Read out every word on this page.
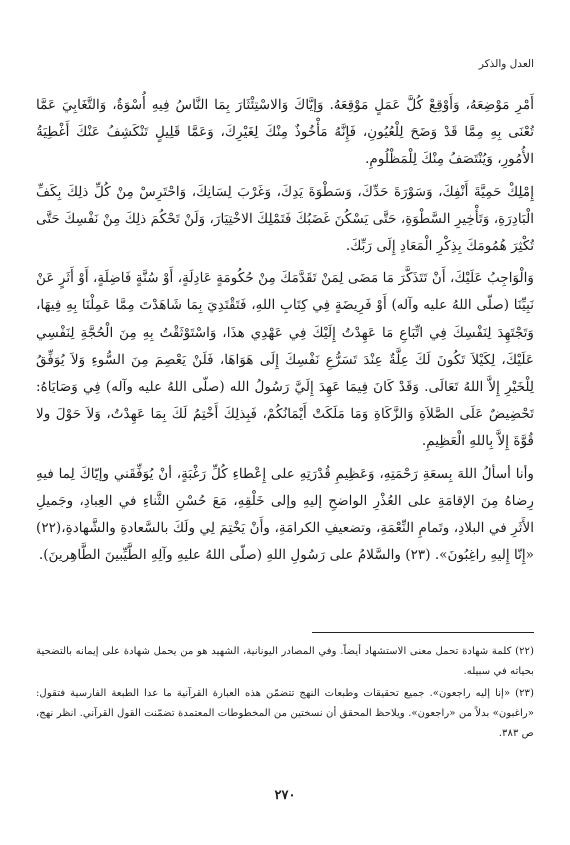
العدل والذكر

أَمْرِ مَوْضِعَهُ، وَأَوْقِعْ كُلَّ عَمَلٍ مَوْقِعَهُ. وَإيَّاكَ وَالاسْتِئْثَارَ بِمَا النَّاسُ فِيهِ أُسْوَةٌ، وَالتَّغَابِيَ عَمَّا تُعْنَى بِهِ مِمَّا قَدْ وَضَحَ لِلْعُيُونِ، فَإِنَّهُ مَأْخُوذٌ مِنْكَ لِغَيْرِكَ، وَعَمَّا قَلِيلٍ تَنْكَشِفُ عَنْكَ أَغْطِيَةُ الأُمُورِ، وَيُنْتَصَفُ مِنْكَ لِلْمَظْلُومِ.

إِمْلِكْ حَمِيَّةَ أَنْفِكَ، وَسَوْرَةَ حَدِّكَ، وَسَطْوَةَ يَدِكَ، وَغَرْبَ لِسَانِكَ، وَاحْتَرِسْ مِنْ كُلِّ ذلِكَ بِكَفِّ الْبَادِرَةِ، وَتَأْخِيرِ السَّطْوَةِ، حَتَّى يَسْكُنَ غَضَبُكَ فَتَمْلِكَ الاخْتِيَارَ، وَلَنْ تَحْكُمَ ذلِكَ مِنْ نَفْسِكَ حَتَّى تُكْثِرَ هُمُومَكَ بِذِكْرِ الْمَعَادِ إِلَى رَبِّكَ.

وَالْوَاجِبُ عَلَيْكَ، أَنْ تَتَذَكَّرَ مَا مَضَى لِمَنْ تَقَدَّمَكَ مِنْ حُكُومَةٍ عَادِلَةٍ، أَوْ سُنَّةٍ فَاضِلَةٍ، أَوْ أَثَرٍ عَنْ نَبِيِّنَا (صلّى اللهُ عليه وآله) أَوْ فَرِيضَةٍ فِي كِتَابِ اللهِ، فَتَقْتَدِيَ بِمَا شَاهَدْتَ مِمَّا عَمِلْنَا بِهِ فِيهَا، وَتَجْتَهِدَ لِنَفْسِكَ فِي اتِّبَاعِ مَا عَهِدْتُ إِلَيْكَ فِي عَهْدِي هذَا، وَاسْتَوْثَقْتُ بِهِ مِنَ الْحُجَّةِ لِنَفْسِي عَلَيْكَ، لِكَيْلاَ تَكُونَ لَكَ عِلَّةٌ عِنْدَ تَسَرُّعِ نَفْسِكَ إِلَى هَوَاهَا، فَلَنْ يَعْصِمَ مِنَ السُّوءِ وَلاَ يُوَفِّقُ لِلْخَيْرِ إِلاَّ اللهُ تَعَالَى. وَقَدْ كَانَ فِيمَا عَهِدَ إِلَيَّ رَسُولُ الله (صلّى اللهُ عليه وآله) فِي وَصَايَاهُ: تَحْضِيضٌ عَلَى الصَّلاَةِ وَالزَّكَاةِ وَمَا مَلَكَتْ أَيْمَانُكُمْ، فَبِذلِكَ أَخْتِمُ لَكَ بِمَا عَهِدْتُ، وَلاَ حَوْلَ ولا قُوَّةَ إِلاَّ بِاللهِ الْعَظِيمِ.

وأنا أسألُ اللهَ بِسعَةِ رَحْمَتِهِ، وَعَظِيمِ قُدْرَتِهِ على إِعْطاءِ كُلِّ رَغْبَةٍ، أنْ يُوَفِّقَني وإيّاكَ لِما فيهِ رِضاهُ مِنَ الإقامَةِ على العُذْرِ الواضحِ إليهِ وإلى خَلْقِهِ، مَعَ حُسْنِ الثَّناءِ في العِبادِ، وجَميلِ الأَثَرِ في البلادِ، وتَمامِ النِّعْمَةِ، وتضعيفِ الكرامَةِ، وأَنْ يَخْتِمَ لِي ولَكَ بالسَّعادةِ والشَّهادةِ،(٢٢) «إِنّا إِليهِ راغِبُونَ». (٢٣) والسَّلامُ على رَسُولِ اللهِ (صلّى اللهُ عليهِ وآلِهِ الطَّيِّبينَ الطَّاهِرينَ).

(٢٢) كلمة شهادة تحمل معنى الاستشهاد أيضاً. وفي المصادر اليونانية، الشهيد هو من يحمل شهادة على إيمانه بالتضحية بحياته في سبيله.

(٢٣) «إنا إليه راجعون». جميع تحقيقات وطبعات النهج تتضمّن هذه العبارة القرآنية ما عدا الطبعة الفارسية فتقول: «راغبون» بدلاً من «راجعون». ويلاحظ المحقق أن نسختين من المخطوطات المعتمدة تضمّنت القول القرآني. انظر نهج، ص ٣٨٣.

٢٧٠
